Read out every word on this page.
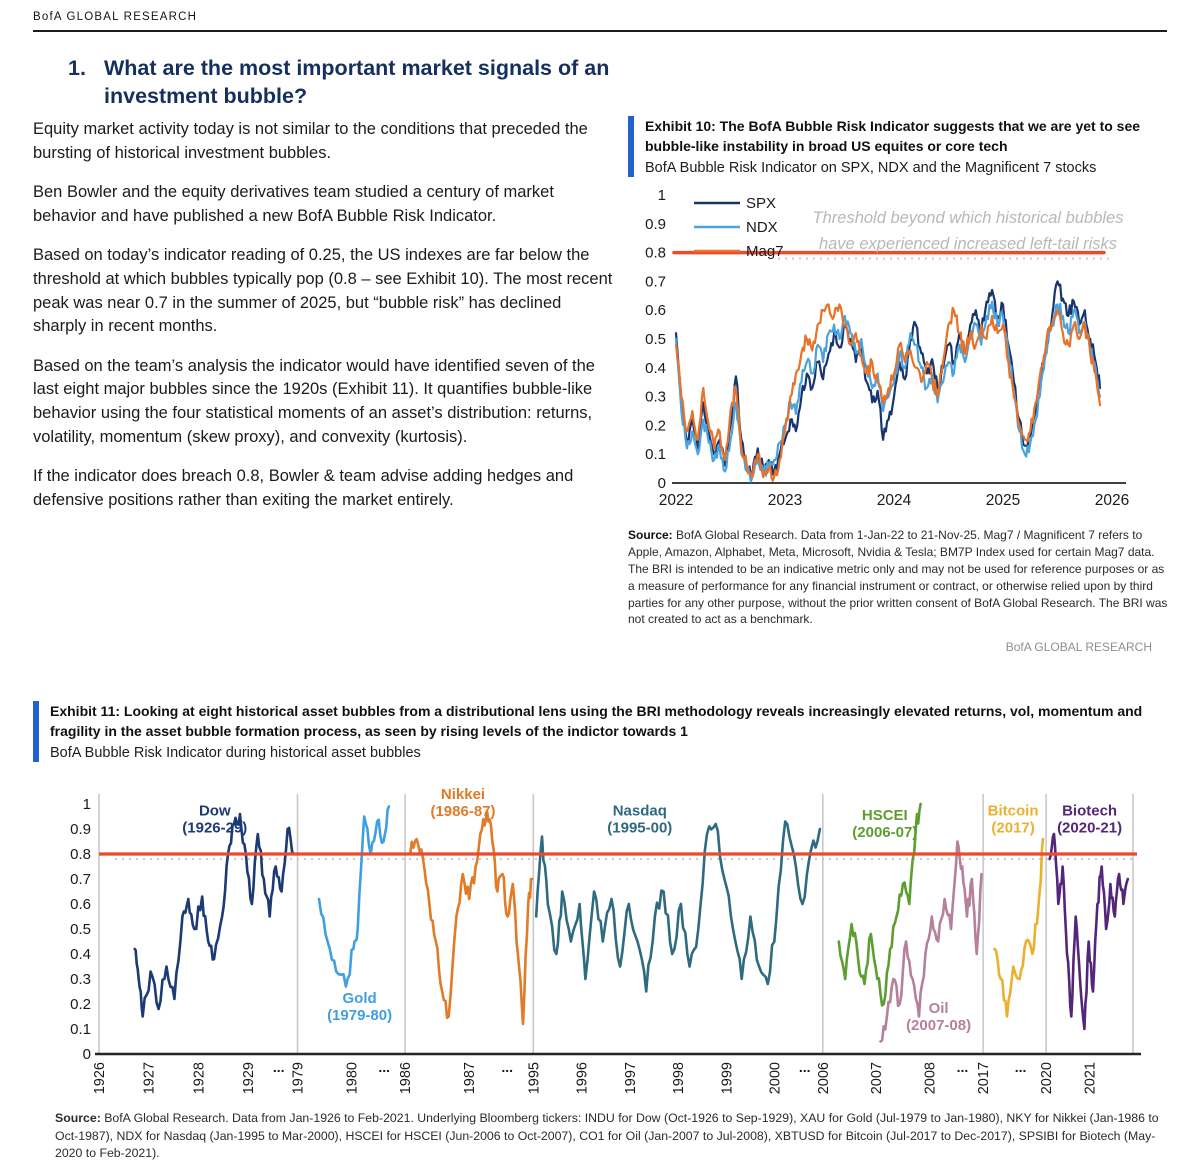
BofA GLOBAL RESEARCH
1. What are the most important market signals of an investment bubble?

Equity market activity today is not similar to the conditions that preceded the bursting of historical investment bubbles.

Ben Bowler and the equity derivatives team studied a century of market behavior and have published a new BofA Bubble Risk Indicator.

Based on today’s indicator reading of 0.25, the US indexes are far below the threshold at which bubbles typically pop (0.8 – see Exhibit 10). The most recent peak was near 0.7 in the summer of 2025, but “bubble risk” has declined sharply in recent months.

Based on the team’s analysis the indicator would have identified seven of the last eight major bubbles since the 1920s (Exhibit 11). It quantifies bubble-like behavior using the four statistical moments of an asset’s distribution: returns, volatility, momentum (skew proxy), and convexity (kurtosis).

If the indicator does breach 0.8, Bowler & team advise adding hedges and defensive positions rather than exiting the market entirely.

Exhibit 10: The BofA Bubble Risk Indicator suggests that we are yet to see bubble-like instability in broad US equites or core tech
BofA Bubble Risk Indicator on SPX, NDX and the Magnificent 7 stocks
1
0.9
0.8
0.7
0.6
0.5
0.4
0.3
0.2
0.1
0
2022	2023	2024	2025	2026
Threshold beyond which historical bubbles
have experienced increased left-tail risks
SPX
NDX
Mag7

Source: BofA Global Research. Data from 1-Jan-22 to 21-Nov-25. Mag7 / Magnificent 7 refers to Apple, Amazon, Alphabet, Meta, Microsoft, Nvidia & Tesla; BM7P Index used for certain Mag7 data. The BRI is intended to be an indicative metric only and may not be used for reference purposes or as a measure of performance for any financial instrument or contract, or otherwise relied upon by third parties for any other purpose, without the prior written consent of BofA Global Research. The BRI was not created to act as a benchmark.

BofA GLOBAL RESEARCH
Exhibit 11: Looking at eight historical asset bubbles from a distributional lens using the BRI methodology reveals increasingly elevated returns, vol, momentum and fragility in the asset bubble formation process, as seen by rising levels of the indictor towards 1
BofA Bubble Risk Indicator during historical asset bubbles
1
0.9
0.8
0.7
0.6
0.5
0.4
0.3
0.2
0.1
0
1926 1927 1928 1929 ... 1979	1980 ... 1986	1987 ... 1995 1996 1997 1998 1999 2000 ... 2006	2007	2008 ... 2017 ... 2020 2021
Dow
(1926-29)
Gold
(1979-80)
Nikkei
(1986-87)	Nasdaq
(1995-00)
HSCEI
(2006-07)
Oil
(2007-08)
Bitcoin
(2017)
Biotech
(2020-21)

Source: BofA Global Research. Data from Jan-1926 to Feb-2021. Underlying Bloomberg tickers: INDU for Dow (Oct-1926 to Sep-1929), XAU for Gold (Jul-1979 to Jan-1980), NKY for Nikkei (Jan-1986 to Oct-1987), NDX for Nasdaq (Jan-1995 to Mar-2000), HSCEI for HSCEI (Jun-2006 to Oct-2007), CO1 for Oil (Jan-2007 to Jul-2008), XBTUSD for Bitcoin (Jul-2017 to Dec-2017), SPSIBI for Biotech (May-2020 to Feb-2021).
